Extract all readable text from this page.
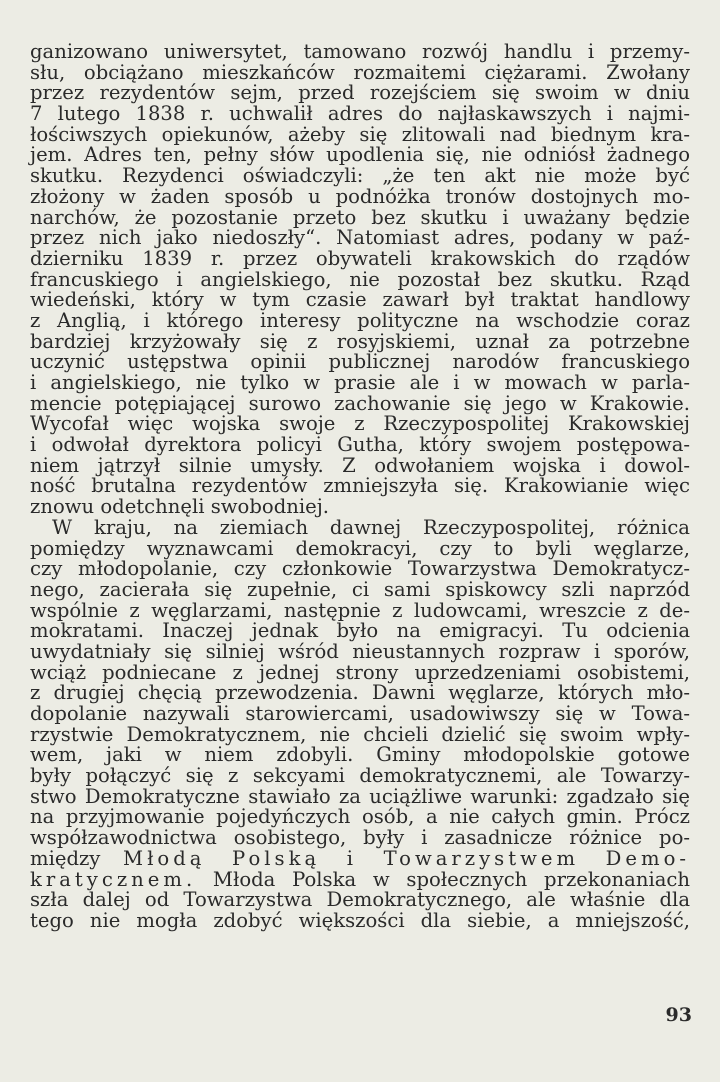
ganizowano uniwersytet, tamowano rozwój handlu i przemy-
słu, obciążano mieszkańców rozmaitemi ciężarami. Zwołany
przez rezydentów sejm, przed rozejściem się swoim w dniu
7 lutego 1838 r. uchwalił adres do najłaskawszych i najmi-
łościwszych opiekunów, ażeby się zlitowali nad biednym kra-
jem. Adres ten, pełny słów upodlenia się, nie odniósł żadnego
skutku. Rezydenci oświadczyli: „że ten akt nie może być
złożony w żaden sposób u podnóżka tronów dostojnych mo-
narchów, że pozostanie przeto bez skutku i uważany będzie
przez nich jako niedoszły“. Natomiast adres, podany w paź-
dzierniku 1839 r. przez obywateli krakowskich do rządów
francuskiego i angielskiego, nie pozostał bez skutku. Rząd
wiedeński, który w tym czasie zawarł był traktat handlowy
z Anglią, i którego interesy polityczne na wschodzie coraz
bardziej krzyżowały się z rosyjskiemi, uznał za potrzebne
uczynić ustępstwa opinii publicznej narodów francuskiego
i angielskiego, nie tylko w prasie ale i w mowach w parla-
mencie potępiającej surowo zachowanie się jego w Krakowie.
Wycofał więc wojska swoje z Rzeczypospolitej Krakowskiej
i odwołał dyrektora policyi Gutha, który swojem postępowa-
niem jątrzył silnie umysły. Z odwołaniem wojska i dowol-
ność brutalna rezydentów zmniejszyła się. Krakowianie więc
znowu odetchnęli swobodniej.
W kraju, na ziemiach dawnej Rzeczypospolitej, różnica
pomiędzy wyznawcami demokracyi, czy to byli węglarze,
czy młodopolanie, czy członkowie Towarzystwa Demokratycz-
nego, zacierała się zupełnie, ci sami spiskowcy szli naprzód
wspólnie z węglarzami, następnie z ludowcami, wreszcie z de-
mokratami. Inaczej jednak było na emigracyi. Tu odcienia
uwydatniały się silniej wśród nieustannych rozpraw i sporów,
wciąż podniecane z jednej strony uprzedzeniami osobistemi,
z drugiej chęcią przewodzenia. Dawni węglarze, których mło-
dopolanie nazywali starowiercami, usadowiwszy się w Towa-
rzystwie Demokratycznem, nie chcieli dzielić się swoim wpły-
wem, jaki w niem zdobyli. Gminy młodopolskie gotowe
były połączyć się z sekcyami demokratycznemi, ale Towarzy-
stwo Demokratyczne stawiało za uciążliwe warunki: zgadzało się
na przyjmowanie pojedyńczych osób, a nie całych gmin. Prócz
współzawodnictwa osobistego, były i zasadnicze różnice po-
między Młodą Polską i Towarzystwem Demo-
kratycznem. Młoda Polska w społecznych przekonaniach
szła dalej od Towarzystwa Demokratycznego, ale właśnie dla
tego nie mogła zdobyć większości dla siebie, a mniejszość,
93
